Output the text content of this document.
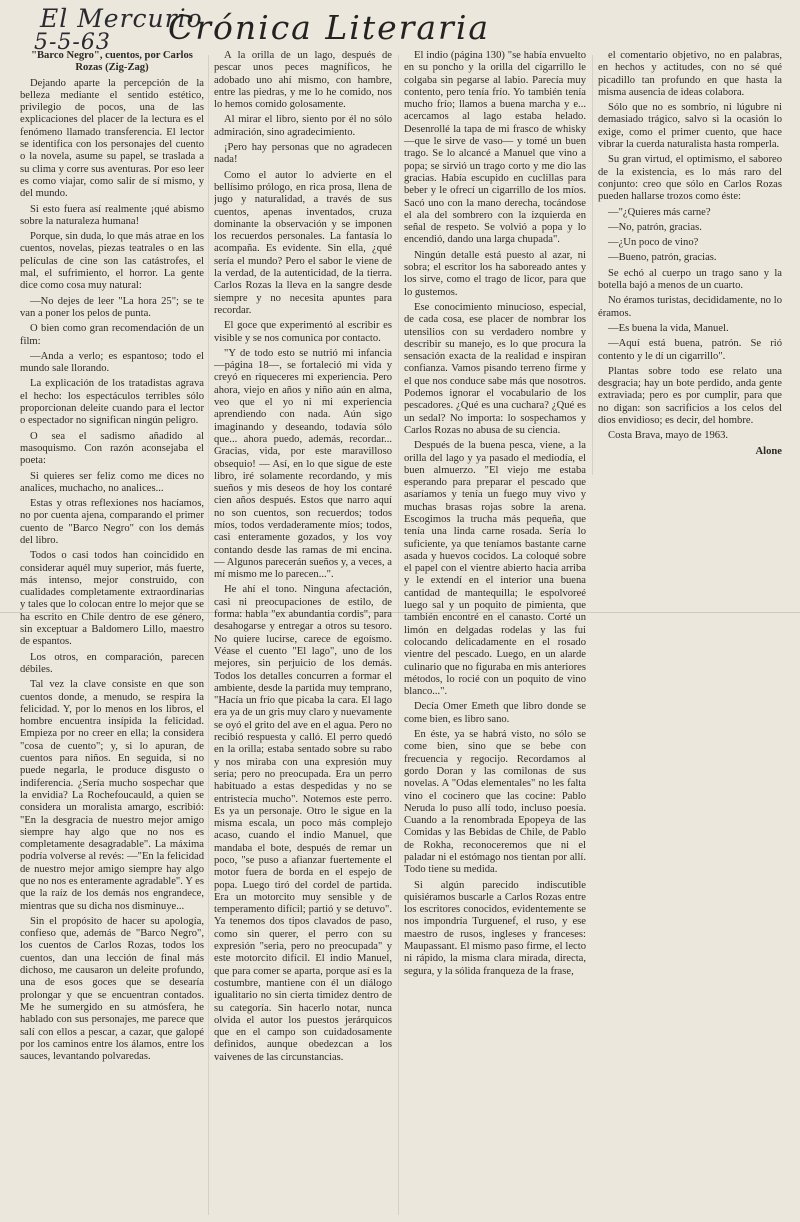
El Mercurio
5-5-63 Crónica Literaria

"Barco Negro", cuentos, por Carlos Rozas (Zig-Zag)

Dejando aparte la percepción de la belleza mediante el sentido estético, privilegio de pocos, una de las explicaciones del placer de la lectura es el fenómeno llamado transferencia. El lector se identifica con los personajes del cuento o la novela, asume su papel, se traslada a su clima y corre sus aventuras. Por eso leer es como viajar, como salir de sí mismo, y del mundo.

Si esto fuera así realmente ¡qué abismo sobre la naturaleza humana!

Porque, sin duda, lo que más atrae en los cuentos, novelas, piezas teatrales o en las películas de cine son las catástrofes, el mal, el sufrimiento, el horror. La gente dice como cosa muy natural:

—No dejes de leer "La hora 25"; se te van a poner los pelos de punta.

O bien como gran recomendación de un film:

—Anda a verlo; es espantoso; todo el mundo sale llorando.

La explicación de los tratadistas agrava el hecho: los espectáculos terribles sólo proporcionan deleite cuando para el lector o espectador no significan ningún peligro.

O sea el sadismo añadido al masoquismo. Con razón aconsejaba el poeta:

Si quieres ser feliz como me dices no analices, muchacho, no analices...

Estas y otras reflexiones nos hacíamos, no por cuenta ajena, comparando el primer cuento de "Barco Negro" con los demás del libro.

Todos o casi todos han coincidido en considerar aquél muy superior, más fuerte, más intenso, mejor construido, con cualidades completamente extraordinarias y tales que lo colocan entre lo mejor que se ha escrito en Chile dentro de ese género, sin exceptuar a Baldomero Lillo, maestro de espantos.

Los otros, en comparación, parecen débiles.

Tal vez la clave consiste en que son cuentos donde, a menudo, se respira la felicidad. Y, por lo menos en los libros, el hombre encuentra insípida la felicidad. Empieza por no creer en ella; la considera "cosa de cuento"; y, si lo apuran, de cuentos para niños. En seguida, si no puede negarla, le produce disgusto o indiferencia. ¿Sería mucho sospechar que la envidia? La Rochefoucauld, a quien se considera un moralista amargo, escribió: "En la desgracia de nuestro mejor amigo siempre hay algo que no nos es completamente desagradable". La máxima podría volverse al revés: —"En la felicidad de nuestro mejor amigo siempre hay algo que no nos es enteramente agradable". Y es que la raíz de los demás nos engrandece, mientras que su dicha nos disminuye...

Sin el propósito de hacer su apología, confieso que, además de "Barco Negro", los cuentos de Carlos Rozas, todos los cuentos, dan una lección de final más dichoso, me causaron un deleite profundo, una de esos goces que se desearía prolongar y que se encuentran contados. Me he sumergido en su atmósfera, he hablado con sus personajes, me parece que salí con ellos a pescar, a cazar, que galopé por los caminos entre los álamos, entre los sauces, levantando polvaredas.

A la orilla de un lago, después de pescar unos peces magníficos, he adobado uno ahí mismo, con hambre, entre las piedras, y me lo he comido, nos lo hemos comido golosamente.

Al mirar el libro, siento por él no sólo admiración, sino agradecimiento.

¡Pero hay personas que no agradecen nada!

Como el autor lo advierte en el bellísimo prólogo, en rica prosa, llena de jugo y naturalidad, a través de sus cuentos, apenas inventados, cruza dominante la observación y se imponen los recuerdos personales. La fantasía lo acompaña. Es evidente. Sin ella, ¿qué sería el mundo? Pero el sabor le viene de la verdad, de la autenticidad, de la tierra. Carlos Rozas la lleva en la sangre desde siempre y no necesita apuntes para recordar.

El goce que experimentó al escribir es visible y se nos comunica por contacto.

"Y de todo esto se nutrió mi infancia —página 18—, se fortaleció mi vida y creyó en riqueceres mi experiencia. Pero ahora, viejo en años y niño aún en alma, veo que el yo ni mi experiencia aprendiendo con nada. Aún sigo imaginando y deseando, todavía sólo que... ahora puedo, además, recordar... Gracias, vida, por este maravilloso obsequio! — Así, en lo que sigue de este libro, iré solamente recordando, y mis sueños y mis deseos de hoy los contaré cien años después. Estos que narro aquí no son cuentos, son recuerdos; todos míos, todos verdaderamente míos; todos, casi enteramente gozados, y los voy contando desde las ramas de mi encina. — Algunos parecerán sueños y, a veces, a mí mismo me lo parecen...".

He ahí el tono. Ninguna afectación, casi ni preocupaciones de estilo, de forma: habla "ex abundantia cordis", para desahogarse y entregar a otros su tesoro. No quiere lucirse, carece de egoísmo. Véase el cuento "El lago", uno de los mejores, sin perjuicio de los demás. Todos los detalles concurren a formar el ambiente, desde la partida muy temprano, "Hacía un frío que picaba la cara. El lago era ya de un gris muy claro y nuevamente se oyó el grito del ave en el agua. Pero no recibió respuesta y calló. El perro quedó en la orilla; estaba sentado sobre su rabo y nos miraba con una expresión muy seria; pero no preocupada. Era un perro habituado a estas despedidas y no se entristecía mucho". Notemos este perro. Es ya un personaje. Otro le sigue en la misma escala, un poco más complejo acaso, cuando el indio Manuel, que mandaba el bote, después de remar un poco, "se puso a afianzar fuertemente el motor fuera de borda en el espejo de popa. Luego tiró del cordel de partida. Era un motorcito muy sensible y de temperamento difícil; partió y se detuvo". Ya tenemos dos tipos clavados de paso, como sin querer, el perro con su expresión "seria, pero no preocupada" y este motorcito difícil. El indio Manuel, que para comer se aparta, porque así es la costumbre, mantiene con él un diálogo igualitario no sin cierta timidez dentro de su categoría. Sin hacerlo notar, nunca olvida el autor los puestos jerárquicos que en el campo son cuidadosamente definidos, aunque obedezcan a los vaivenes de las circunstancias.

El indio (página 130) "se había envuelto en su poncho y la orilla del cigarrillo le colgaba sin pegarse al labio. Parecía muy contento, pero tenía frío. Yo también tenía mucho frío; llamos a buena marcha y e... acercamos al lago estaba helado. Desenrollé la tapa de mi frasco de whisky —que le sirve de vaso— y tomé un buen trago. Se lo alcancé a Manuel que vino a popa; se sirvió un trago corto y me dio las gracias. Había escupido en cuclillas para beber y le ofrecí un cigarrillo de los míos. Sacó uno con la mano derecha, tocándose el ala del sombrero con la izquierda en señal de respeto. Se volvió a popa y lo encendió, dando una larga chupada".

Ningún detalle está puesto al azar, ni sobra; el escritor los ha saboreado antes y los sirve, como el trago de licor, para que lo gustemos.

Ese conocimiento minucioso, especial, de cada cosa, ese placer de nombrar los utensilios con su verdadero nombre y describir su manejo, es lo que procura la sensación exacta de la realidad e inspiran confianza. Vamos pisando terreno firme y el que nos conduce sabe más que nosotros. Podemos ignorar el vocabulario de los pescadores. ¿Qué es una cuchara? ¿Qué es un sedal? No importa: lo sospechamos y Carlos Rozas no abusa de su ciencia.

Después de la buena pesca, viene, a la orilla del lago y ya pasado el mediodía, el buen almuerzo. "El viejo me estaba esperando para preparar el pescado que asaríamos y tenía un fuego muy vivo y muchas brasas rojas sobre la arena. Escogimos la trucha más pequeña, que tenía una linda carne rosada. Sería lo suficiente, ya que teníamos bastante carne asada y huevos cocidos. La coloqué sobre el papel con el vientre abierto hacia arriba y le extendí en el interior una buena cantidad de mantequilla; le espolvoreé luego sal y un poquito de pimienta, que también encontré en el canasto. Corté un limón en delgadas rodelas y las fui colocando delicadamente en el rosado vientre del pescado. Luego, en un alarde culinario que no figuraba en mis anteriores métodos, lo rocié con un poquito de vino blanco...".

Decía Omer Emeth que libro donde se come bien, es libro sano.

En éste, ya se habrá visto, no sólo se come bien, sino que se bebe con frecuencia y regocijo. Recordamos al gordo Doran y las comilonas de sus novelas. A "Odas elementales" no les falta vino el cocinero que las cocine: Pablo Neruda lo puso allí todo, incluso poesía. Cuando a la renombrada Epopeya de las Comidas y las Bebidas de Chile, de Pablo de Rokha, reconoceremos que ni el paladar ni el estómago nos tientan por allí. Todo tiene su medida.

Si algún parecido indiscutible quisiéramos buscarle a Carlos Rozas entre los escritores conocidos, evidentemente se nos impondría Turguenef, el ruso, y ese maestro de rusos, ingleses y franceses: Maupassant. El mismo paso firme, el lecto ni rápido, la misma clara mirada, directa, segura, y la sólida franqueza de la frase,

el comentario objetivo, no en palabras, en hechos y actitudes, con no sé qué picadillo tan profundo en que hasta la misma ausencia de ideas colabora.

Sólo que no es sombrío, ni lúgubre ni demasiado trágico, salvo si la ocasión lo exige, como el primer cuento, que hace vibrar la cuerda naturalista hasta romperla.

Su gran virtud, el optimismo, el saboreo de la existencia, es lo más raro del conjunto: creo que sólo en Carlos Rozas pueden hallarse trozos como éste:

—"¿Quieres más carne?

—No, patrón, gracias.

—¿Un poco de vino?

—Bueno, patrón, gracias.

Se echó al cuerpo un trago sano y la botella bajó a menos de un cuarto.

No éramos turistas, decididamente, no lo éramos.

—Es buena la vida, Manuel.

—Aquí está buena, patrón. Se rió contento y le dí un cigarrillo".

Plantas sobre todo ese relato una desgracia; hay un bote perdido, anda gente extraviada; pero es por cumplir, para que no digan: son sacrificios a los celos del dios envidioso; es decir, del hombre.

Costa Brava, mayo de 1963.

Alone
